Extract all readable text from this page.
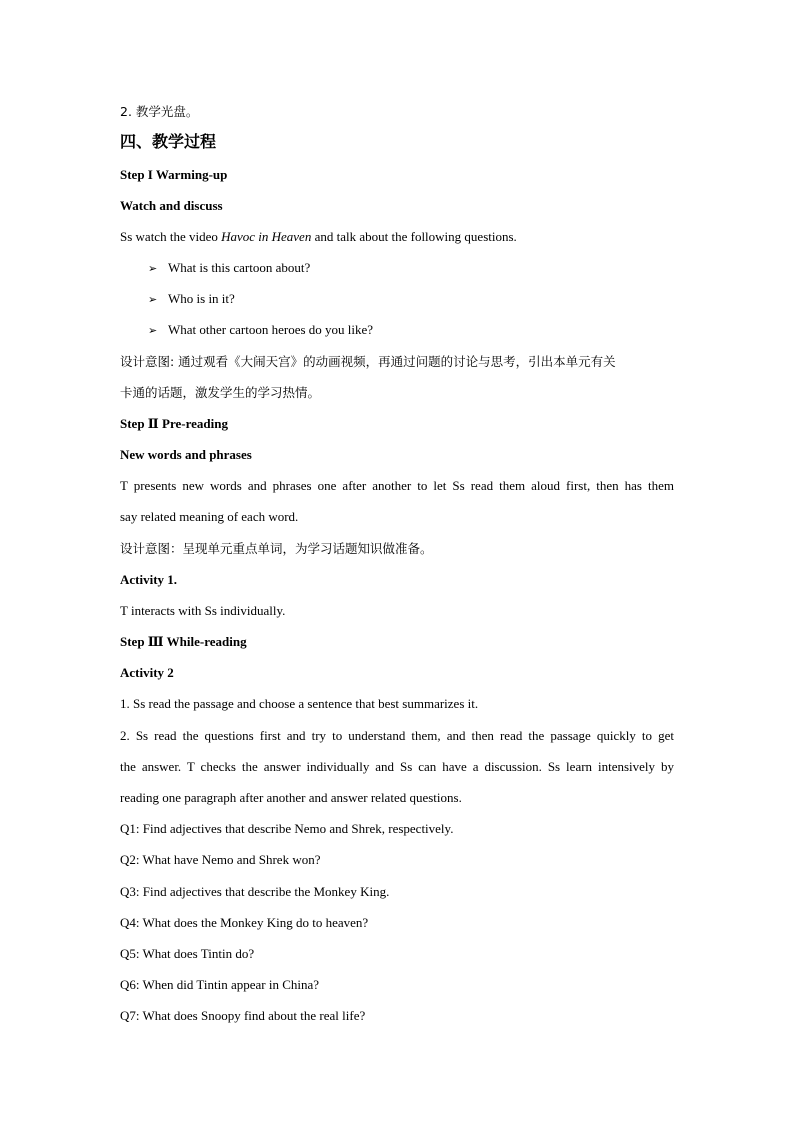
2. 教学光盘。
四、教学过程
Step I Warming-up
Watch and discuss
Ss watch the video Havoc in Heaven and talk about the following questions.
➢ What is this cartoon about?
➢ Who is in it?
➢ What other cartoon heroes do you like?
设计意图: 通过观看《大闹天宫》的动画视频，再通过问题的讨论与思考，引出本单元有关
卡通的话题，激发学生的学习热情。
Step Ⅱ Pre-reading
New words and phrases
T presents new words and phrases one after another to let Ss read them aloud first, then has them
say related meaning of each word.
设计意图：呈现单元重点单词，为学习话题知识做准备。
Activity 1.
T interacts with Ss individually.
Step Ⅲ While-reading
Activity 2
1. Ss read the passage and choose a sentence that best summarizes it.
2. Ss read the questions first and try to understand them, and then read the passage quickly to get
the answer. T checks the answer individually and Ss can have a discussion. Ss learn intensively by
reading one paragraph after another and answer related questions.
Q1: Find adjectives that describe Nemo and Shrek, respectively.
Q2: What have Nemo and Shrek won?
Q3: Find adjectives that describe the Monkey King.
Q4: What does the Monkey King do to heaven?
Q5: What does Tintin do?
Q6: When did Tintin appear in China?
Q7: What does Snoopy find about the real life?
